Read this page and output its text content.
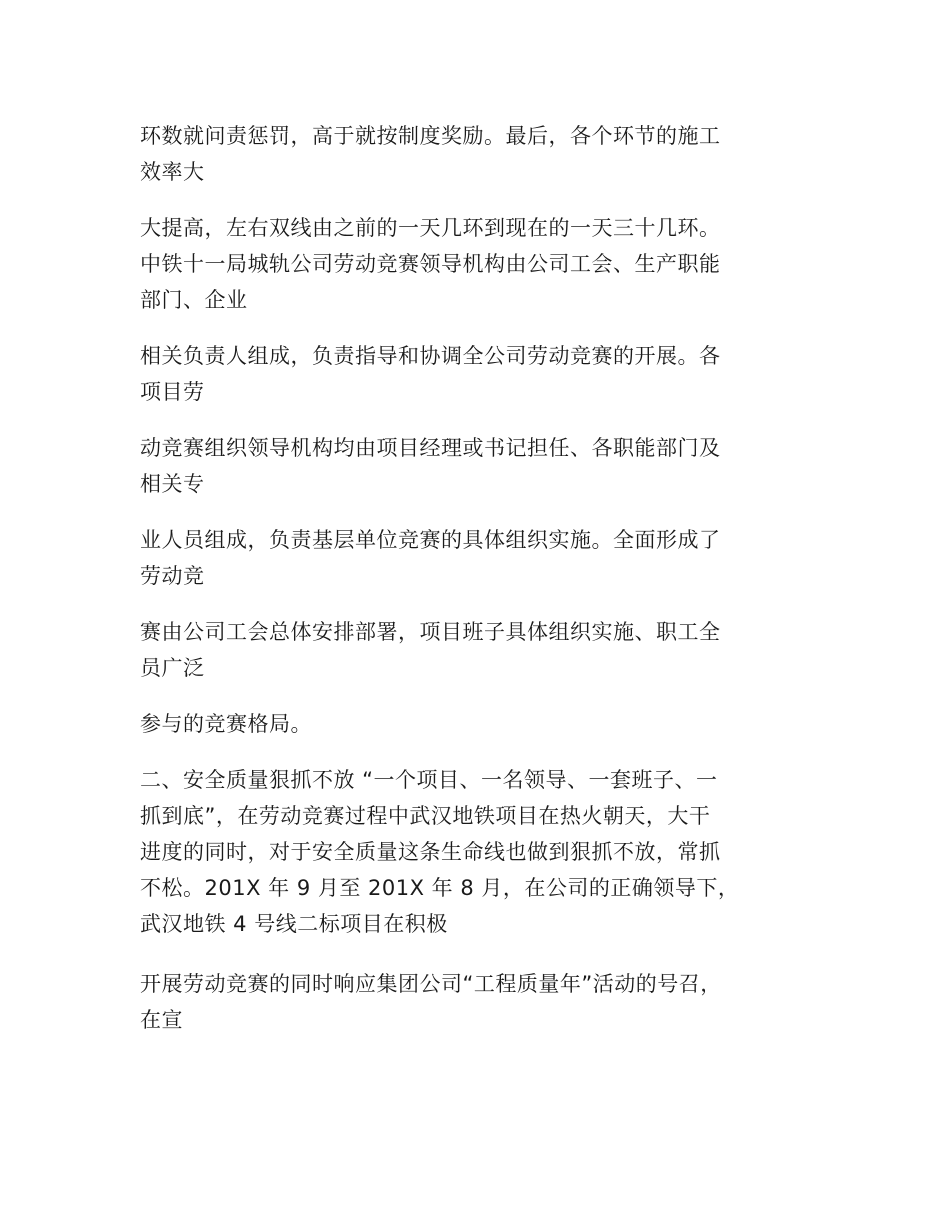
环数就问责惩罚，高于就按制度奖励。最后，各个环节的施工
效率大

大提高，左右双线由之前的一天几环到现在的一天三十几环。
中铁十一局城轨公司劳动竞赛领导机构由公司工会、生产职能
部门、企业

相关负责人组成，负责指导和协调全公司劳动竞赛的开展。各
项目劳

动竞赛组织领导机构均由项目经理或书记担任、各职能部门及
相关专

业人员组成，负责基层单位竞赛的具体组织实施。全面形成了
劳动竞

赛由公司工会总体安排部署，项目班子具体组织实施、职工全
员广泛

参与的竞赛格局。

二、安全质量狠抓不放 “一个项目、一名领导、一套班子、一
抓到底”，在劳动竞赛过程中武汉地铁项目在热火朝天，大干
进度的同时，对于安全质量这条生命线也做到狠抓不放，常抓
不松。201X 年 9 月至 201X 年 8 月，在公司的正确领导下，
武汉地铁 4 号线二标项目在积极

开展劳动竞赛的同时响应集团公司“工程质量年”活动的号召，
在宣
